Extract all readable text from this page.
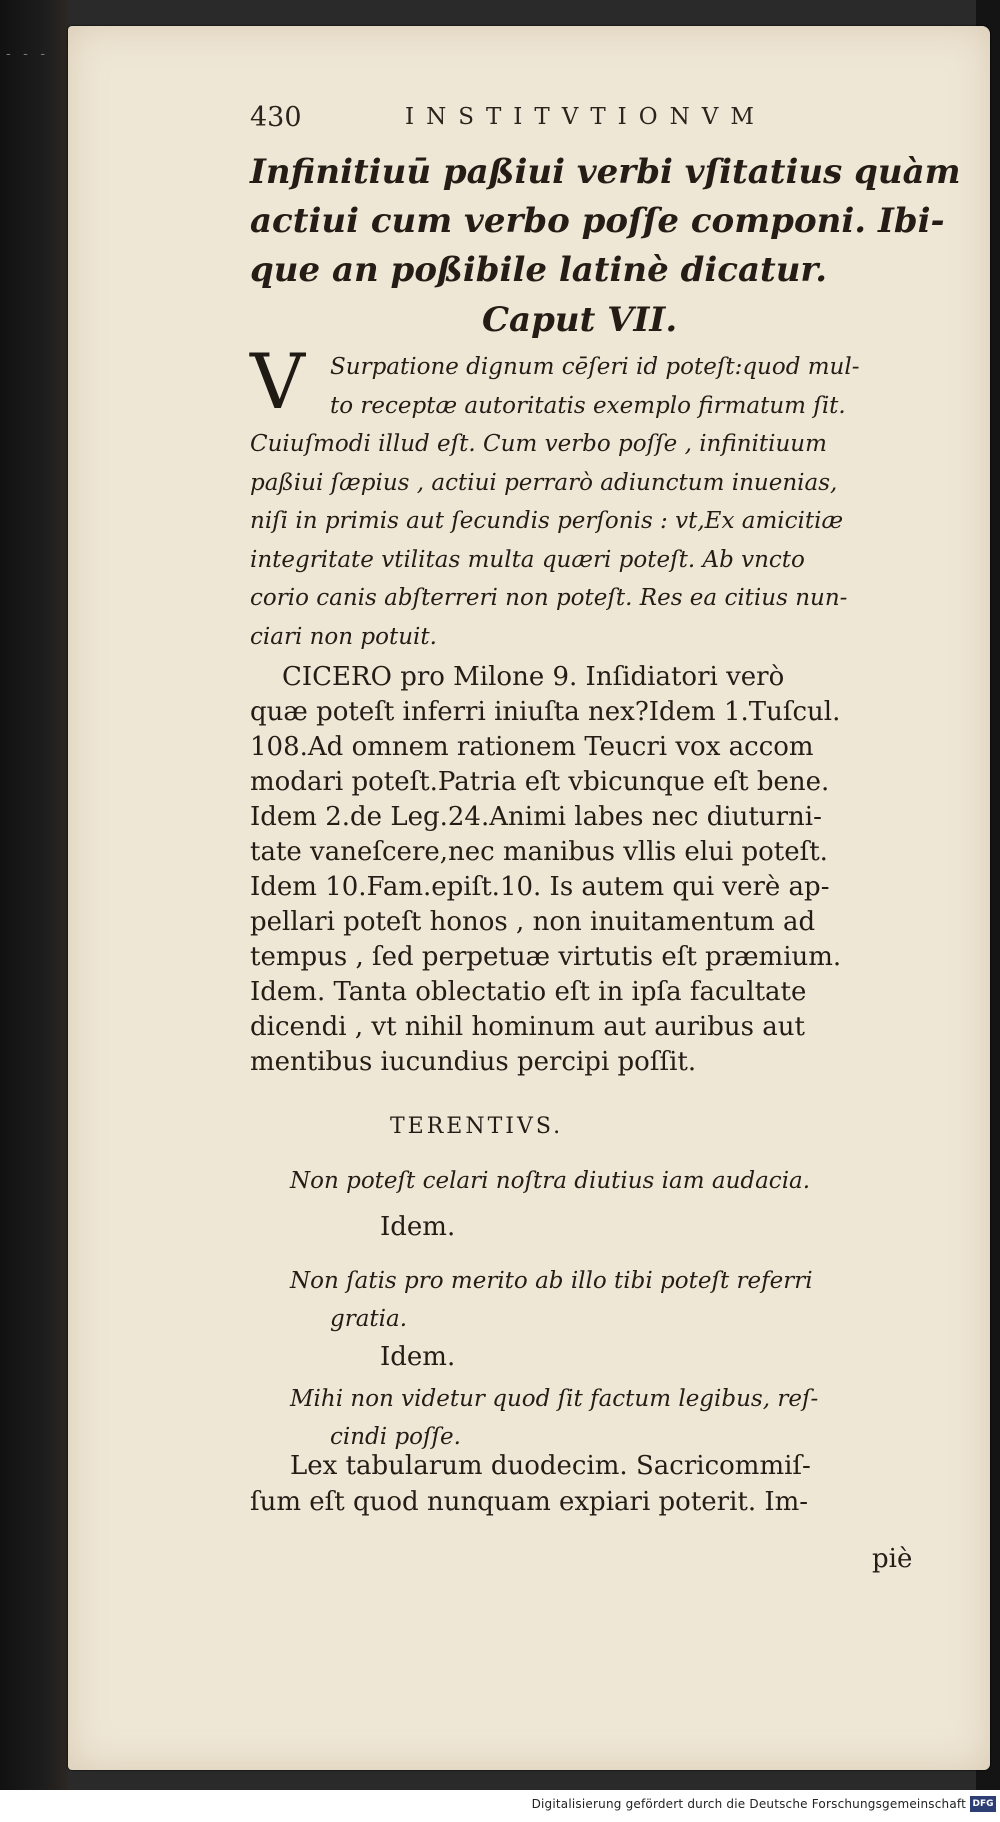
- - -
430	INSTITVTIONVM
Infinitiuū paßiui verbi vſitatius quàm
actiui cum verbo poſſe componi. Ibi-
que an poßibile latinè dicatur.
Caput VII.
V	Surpatione dignum cēſeri id poteſt:quod mul-
to receptæ autoritatis exemplo firmatum ſit.
Cuiuſmodi illud eſt. Cum verbo poſſe , infinitiuum
paßiui ſæpius , actiui perrarò adiunctum inuenias,
niſi in primis aut ſecundis perſonis : vt,Ex amicitiæ
integritate vtilitas multa quæri poteſt. Ab vncto
corio canis abſterreri non poteſt. Res ea citius nun-
ciari non potuit.
CICERO pro Milone 9. Inſidiatori verò
quæ poteſt inferri iniuſta nex?Idem 1.Tuſcul.
108.Ad omnem rationem Teucri vox accom
modari poteſt.Patria eſt vbicunque eſt bene.
Idem 2.de Leg.24.Animi labes nec diuturni-
tate vaneſcere,nec manibus vllis elui poteſt.
Idem 10.Fam.epiſt.10. Is autem qui verè ap-
pellari poteſt honos , non inuitamentum ad
tempus , ſed perpetuæ virtutis eſt præmium.
Idem. Tanta oblectatio eſt in ipſa facultate
dicendi , vt nihil hominum aut auribus aut
mentibus iucundius percipi poſſit.
TERENTIVS.
Non poteſt celari noſtra diutius iam audacia.
Idem.
Non ſatis pro merito ab illo tibi poteſt referri
gratia.
Idem.
Mihi non videtur quod ſit factum legibus, reſ-
cindi poſſe.
Lex tabularum duodecim. Sacricommiſ-
ſum eſt quod nunquam expiari poterit. Im-
piè
Digitalisierung gefördert durch die Deutsche Forschungsgemeinschaft DFG
